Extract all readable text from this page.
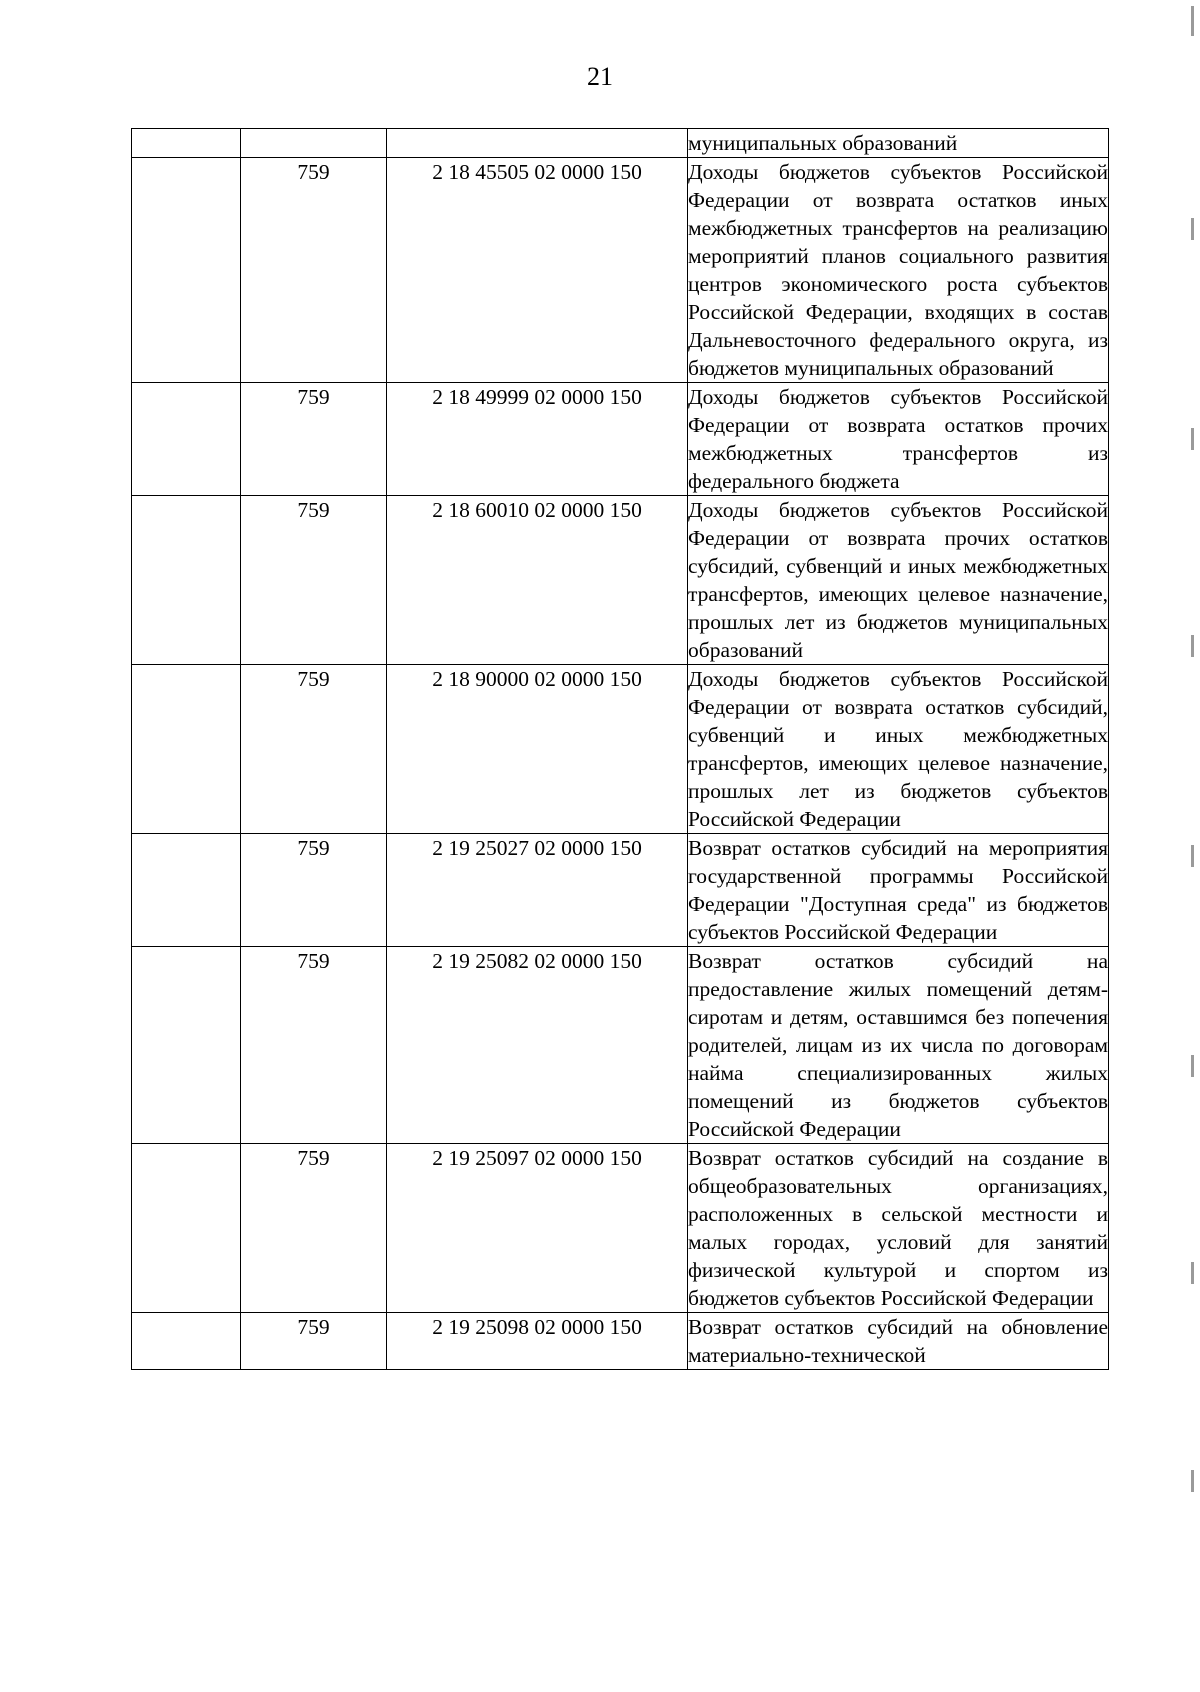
21
			муниципальных образований
	759	2 18 45505 02 0000 150	Доходы бюджетов субъектов Российской Федерации от возврата остатков иных межбюджетных трансфертов на реализацию мероприятий планов социального развития центров экономического роста субъектов Российской Федерации, входящих в состав Дальневосточного федерального округа, из бюджетов муниципальных образований
	759	2 18 49999 02 0000 150	Доходы бюджетов субъектов Российской Федерации от возврата остатков прочих межбюджетных трансфертов из федерального бюджета
	759	2 18 60010 02 0000 150	Доходы бюджетов субъектов Российской Федерации от возврата прочих остатков субсидий, субвенций и иных межбюджетных трансфертов, имеющих целевое назначение, прошлых лет из бюджетов муниципальных образований
	759	2 18 90000 02 0000 150	Доходы бюджетов субъектов Российской Федерации от возврата остатков субсидий, субвенций и иных межбюджетных трансфертов, имеющих целевое назначение, прошлых лет из бюджетов субъектов Российской Федерации
	759	2 19 25027 02 0000 150	Возврат остатков субсидий на мероприятия государственной программы Российской Федерации "Доступная среда" из бюджетов субъектов Российской Федерации
	759	2 19 25082 02 0000 150	Возврат остатков субсидий на предоставление жилых помещений детям-сиротам и детям, оставшимся без попечения родителей, лицам из их числа по договорам найма специализированных жилых помещений из бюджетов субъектов Российской Федерации
	759	2 19 25097 02 0000 150	Возврат остатков субсидий на создание в общеобразовательных организациях, расположенных в сельской местности и малых городах, условий для занятий физической культурой и спортом из бюджетов субъектов Российской Федерации
	759	2 19 25098 02 0000 150	Возврат остатков субсидий на обновление материально-технической
